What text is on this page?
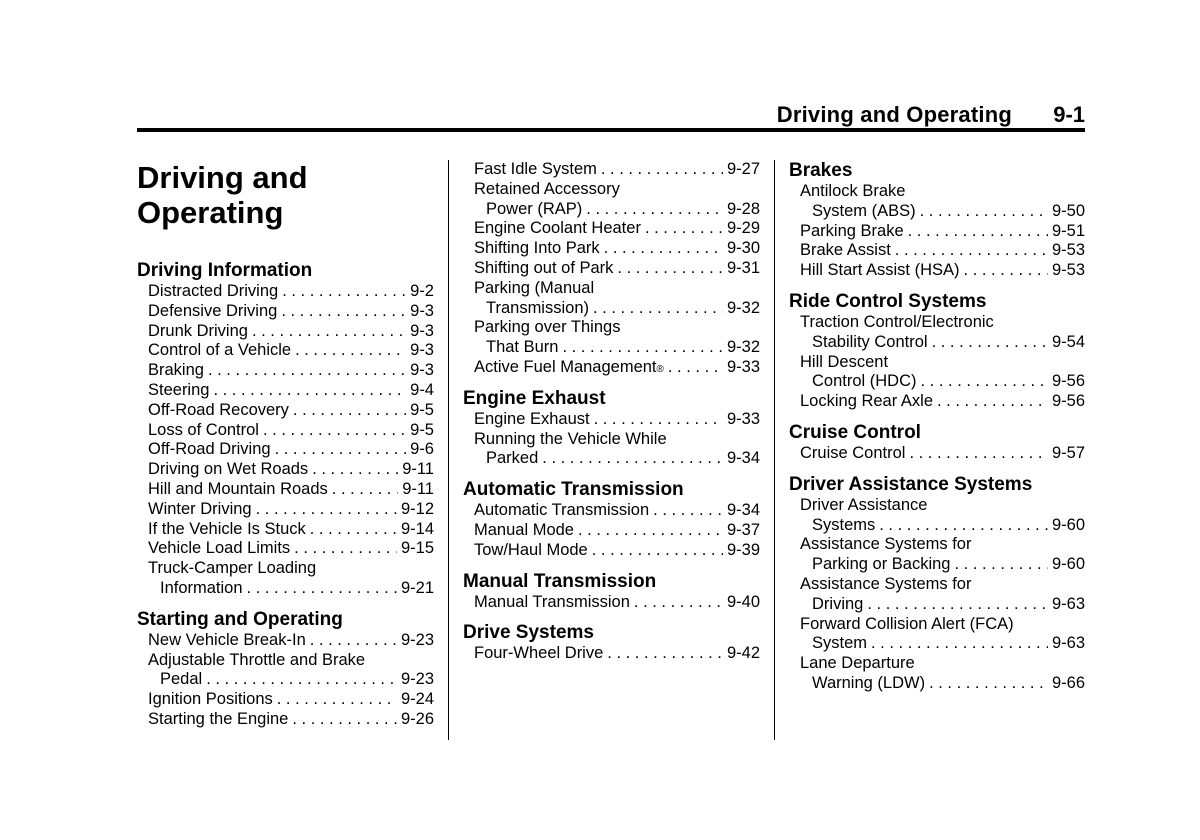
Driving and Operating 9-1
Driving and Operating
Driving Information
Distracted Driving . . .	9-2
Defensive Driving . . .	9-3
Drunk Driving . . .	9-3
Control of a Vehicle . . .	9-3
Braking . . .	9-3
Steering . . .	9-4
Off-Road Recovery . . .	9-5
Loss of Control . . .	9-5
Off-Road Driving . . .	9-6
Driving on Wet Roads . . .	9-11
Hill and Mountain Roads . . .	9-11
Winter Driving . . .	9-12
If the Vehicle Is Stuck . . .	9-14
Vehicle Load Limits . . .	9-15
Truck-Camper Loading
Information . . .	9-21
Starting and Operating
New Vehicle Break-In . . .	9-23
Adjustable Throttle and Brake
Pedal . . .	9-23
Ignition Positions . . .	9-24
Starting the Engine . . .	9-26
Fast Idle System . . .	9-27
Retained Accessory
Power (RAP) . . .	9-28
Engine Coolant Heater . . .	9-29
Shifting Into Park . . .	9-30
Shifting out of Park . . .	9-31
Parking (Manual
Transmission) . . .	9-32
Parking over Things
That Burn . . .	9-32
Active Fuel Management ® . . .	9-33
Engine Exhaust
Engine Exhaust . . .	9-33
Running the Vehicle While
Parked . . .	9-34
Automatic Transmission
Automatic Transmission . . .	9-34
Manual Mode . . .	9-37
Tow/Haul Mode . . .	9-39
Manual Transmission
Manual Transmission . . .	9-40
Drive Systems
Four-Wheel Drive . . .	9-42
Brakes
Antilock Brake
System (ABS) . . .	9-50
Parking Brake . . .	9-51
Brake Assist . . .	9-53
Hill Start Assist (HSA) . . .	9-53
Ride Control Systems
Traction Control/Electronic
Stability Control . . .	9-54
Hill Descent
Control (HDC) . . .	9-56
Locking Rear Axle . . .	9-56
Cruise Control
Cruise Control . . .	9-57
Driver Assistance Systems
Driver Assistance
Systems . . .	9-60
Assistance Systems for
Parking or Backing . . .	9-60
Assistance Systems for
Driving . . .	9-63
Forward Collision Alert (FCA)
System . . .	9-63
Lane Departure
Warning (LDW) . . .	9-66
